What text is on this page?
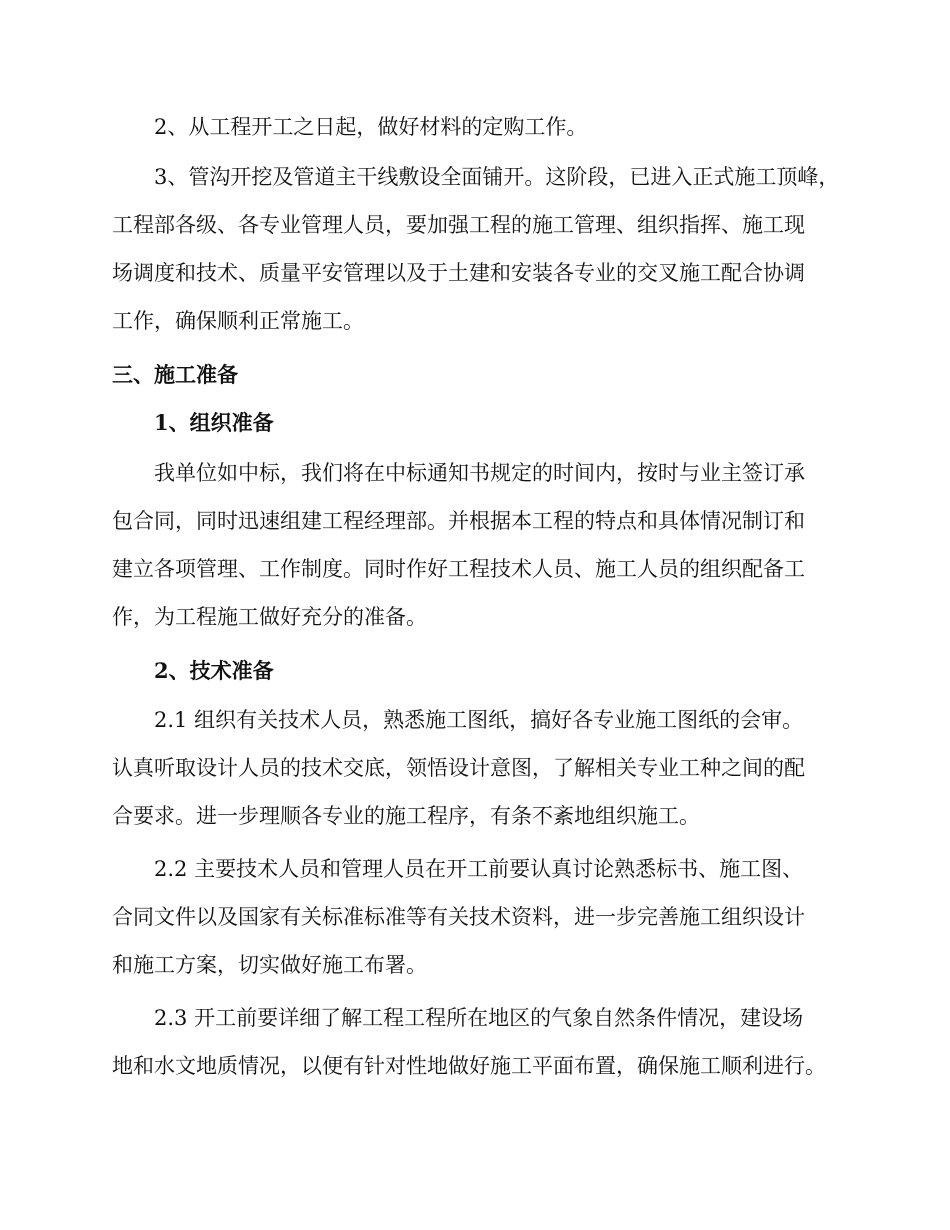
2、从工程开工之日起，做好材料的定购工作。
3、管沟开挖及管道主干线敷设全面铺开。这阶段，已进入正式施工顶峰，
工程部各级、各专业管理人员，要加强工程的施工管理、组织指挥、施工现
场调度和技术、质量平安管理以及于土建和安装各专业的交叉施工配合协调
工作，确保顺利正常施工。
三、施工准备
1、组织准备
我单位如中标，我们将在中标通知书规定的时间内，按时与业主签订承
包合同，同时迅速组建工程经理部。并根据本工程的特点和具体情况制订和
建立各项管理、工作制度。同时作好工程技术人员、施工人员的组织配备工
作，为工程施工做好充分的准备。
2、技术准备
2.1 组织有关技术人员，熟悉施工图纸，搞好各专业施工图纸的会审。
认真听取设计人员的技术交底，领悟设计意图，了解相关专业工种之间的配
合要求。进一步理顺各专业的施工程序，有条不紊地组织施工。
2.2 主要技术人员和管理人员在开工前要认真讨论熟悉标书、施工图、
合同文件以及国家有关标准标准等有关技术资料，进一步完善施工组织设计
和施工方案，切实做好施工布署。
2.3 开工前要详细了解工程工程所在地区的气象自然条件情况，建设场
地和水文地质情况，以便有针对性地做好施工平面布置，确保施工顺利进行。
